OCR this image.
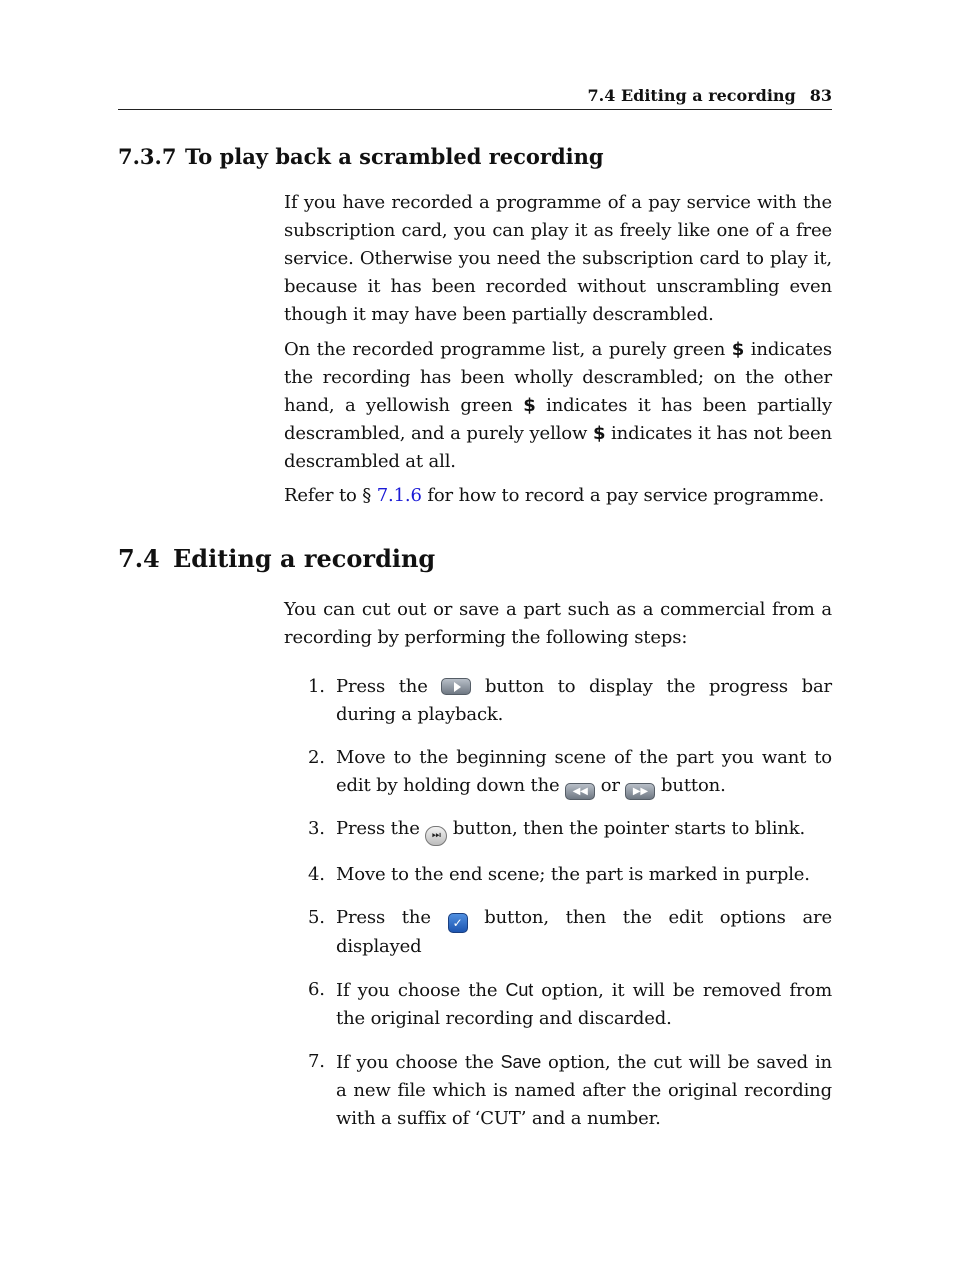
7.4 Editing a recording 83
7.3.7 To play back a scrambled recording

If you have recorded a programme of a pay service with the subscription card, you can play it as freely like one of a free service. Otherwise you need the subscription card to play it, because it has been recorded without unscrambling even though it may have been partially descrambled.

On the recorded programme list, a purely green $ indicates the recording has been wholly descrambled; on the other hand, a yellowish green $ indicates it has been partially descrambled, and a purely yellow $ indicates it has not been descrambled at all.

Refer to § 7.1.6 for how to record a pay service programme.

7.4 Editing a recording

You can cut out or save a part such as a commercial from a recording by performing the following steps:

1. Press the  button to display the progress bar during a playback.
2. Move to the beginning scene of the part you want to edit by holding down the ◀◀ or ▶▶ button.
3. Press the ⏭ button, then the pointer starts to blink.
4. Move to the end scene; the part is marked in purple.
5. Press the ✓ button, then the edit options are displayed
6. If you choose the Cut option, it will be removed from the original recording and discarded.
7. If you choose the Save option, the cut will be saved in a new file which is named after the original recording with a suffix of ‘CUT’ and a number.
